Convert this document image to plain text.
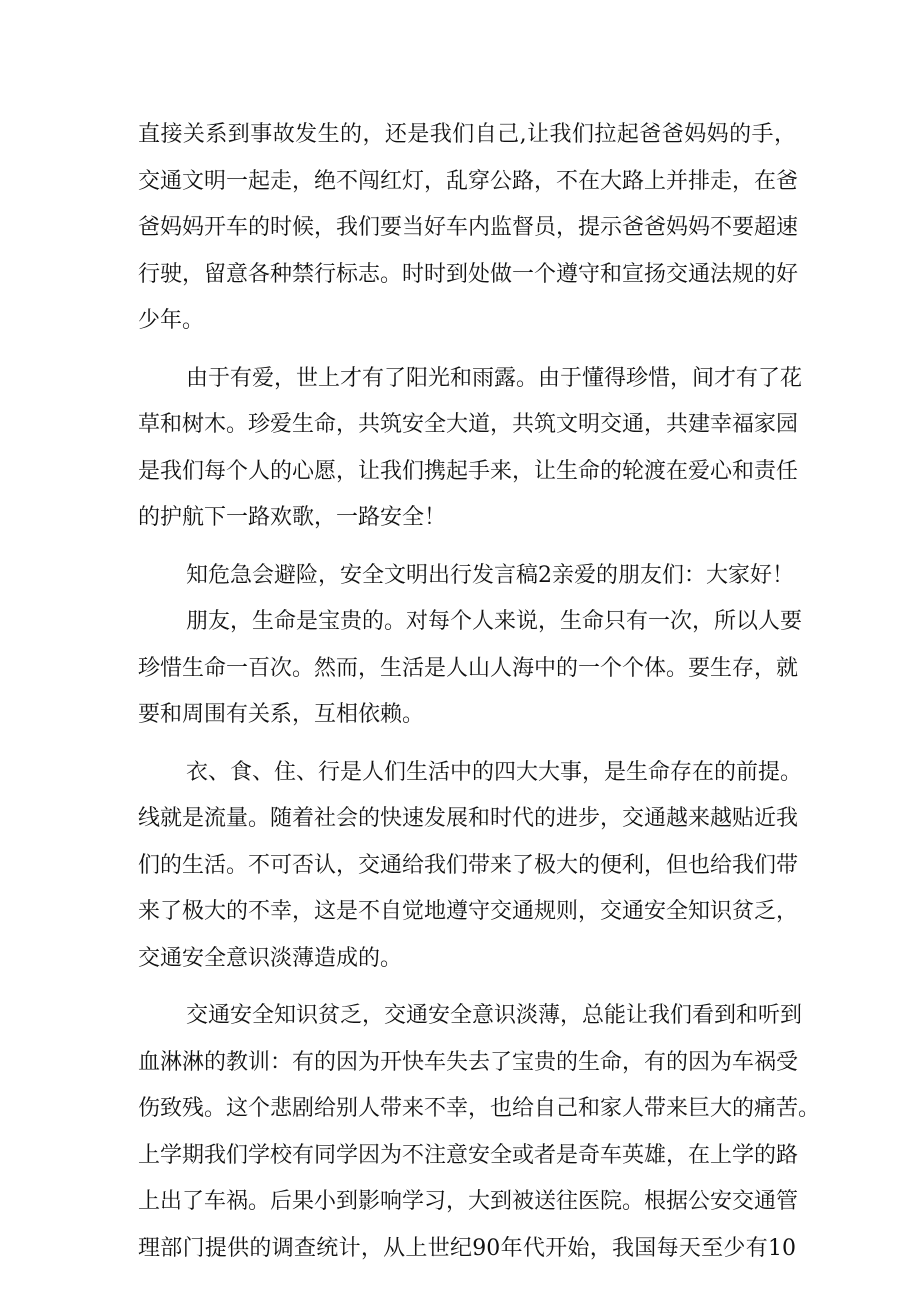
直接关系到事故发生的，还是我们自己,让我们拉起爸爸妈妈的手，
交通文明一起走，绝不闯红灯，乱穿公路，不在大路上并排走，在爸
爸妈妈开车的时候，我们要当好车内监督员，提示爸爸妈妈不要超速
行驶，留意各种禁行标志。时时到处做一个遵守和宣扬交通法规的好
少年。
由于有爱，世上才有了阳光和雨露。由于懂得珍惜，间才有了花
草和树木。珍爱生命，共筑安全大道，共筑文明交通，共建幸福家园
是我们每个人的心愿，让我们携起手来，让生命的轮渡在爱心和责任
的护航下一路欢歌，一路安全！
知危急会避险，安全文明出行发言稿2亲爱的朋友们：大家好！
朋友，生命是宝贵的。对每个人来说，生命只有一次，所以人要
珍惜生命一百次。然而，生活是人山人海中的一个个体。要生存，就
要和周围有关系，互相依赖。
衣、食、住、行是人们生活中的四大大事，是生命存在的前提。
线就是流量。随着社会的快速发展和时代的进步，交通越来越贴近我
们的生活。不可否认，交通给我们带来了极大的便利，但也给我们带
来了极大的不幸，这是不自觉地遵守交通规则，交通安全知识贫乏，
交通安全意识淡薄造成的。
交通安全知识贫乏，交通安全意识淡薄，总能让我们看到和听到
血淋淋的教训：有的因为开快车失去了宝贵的生命，有的因为车祸受
伤致残。这个悲剧给别人带来不幸，也给自己和家人带来巨大的痛苦。
上学期我们学校有同学因为不注意安全或者是奇车英雄，在上学的路
上出了车祸。后果小到影响学习，大到被送往医院。根据公安交通管
理部门提供的调查统计，从上世纪90年代开始，我国每天至少有10
